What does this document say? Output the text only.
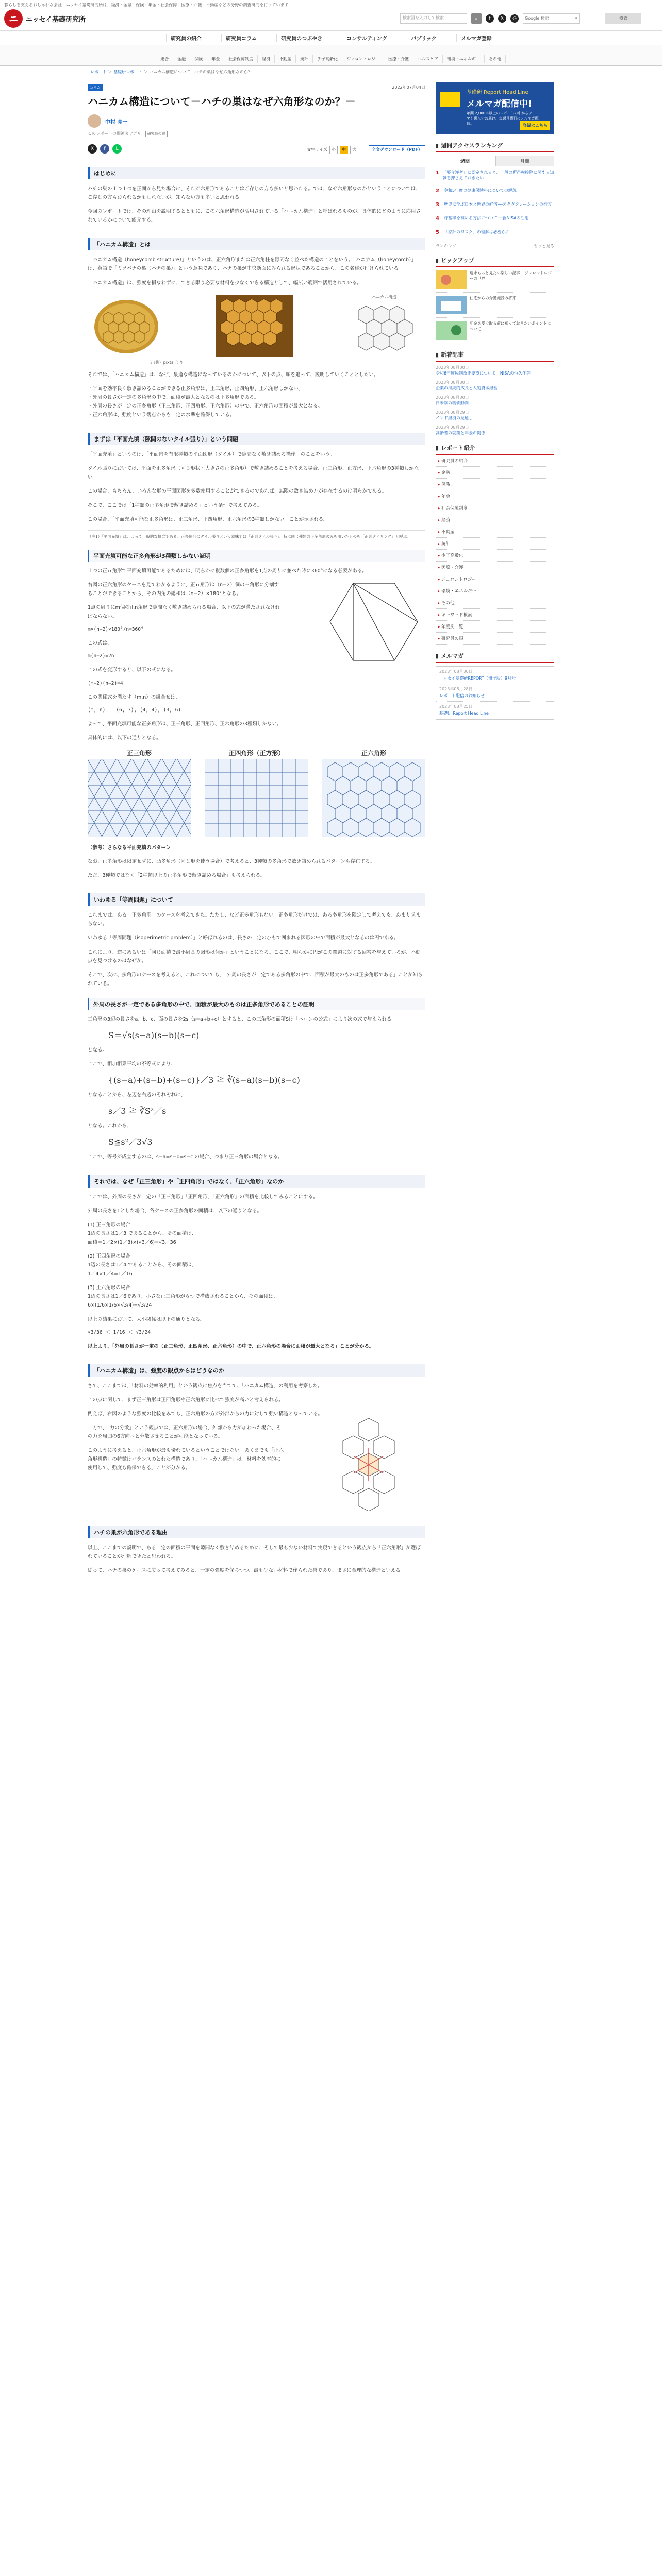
暮らしを支えるおしゃれな会社　ニッセイ基礎研究所は、経済・金融・保険・年金・社会保障・医療・介護・不動産などの分野の調査研究を行っています
ニ	ニッセイ基礎研究所	検索語を入力して検索	⌕	f	X	◎	Google 検索	⌕	検索
研究員の紹介	研究員コラム	研究員のつぶやき	コンサルティング	パブリック	メルマガ登録
総合	金融	保険	年金	社会保障制度	経済	不動産	統計	少子高齢化	ジェロントロジー	医療・介護	ヘルスケア	環境・エネルギー	その他
レポート ＞ 基礎研レポート ＞ ハニカム構造について－ハチの巣はなぜ六角形なのか？－
コラム	2022年07月04日
ハニカム構造について－ハチの巣はなぜ六角形なのか？－
中村 亮一
このレポートの関連カテゴリ	研究員の眼
X	f	L	文字サイズ	小	中	大	全文ダウンロード（PDF）
はじめに

ハチの巣の１つ１つを正面から見た場合に、それが六角形であることはご存じの方も多いと思われる。では、なぜ六角形なのかということについては、ご存じの方もおられるかもしれないが、知らない方も多いと思われる。

今回のレポートでは、その理由を説明するとともに、この六角形構造が活用されている「ハニカム構造」と呼ばれるものが、具体的にどのように応用されているかについて紹介する。

「ハニカム構造」とは

「ハニカム構造（honeycomb structure）」というのは、正六角形または正六角柱を隙間なく並べた構造のことをいう。「ハニカム（honeycomb）」は、英語で「ミツバチの巣（ハチの巣）」という意味であり、ハチの巣が中央断面にみられる形状であることから、この名称が付けられている。

「ハニカム構造」は、強度を損なわずに、できる限り必要な材料を少なくできる構造として、幅広い範囲で活用されている。

ハニカム構造
（出典）pixta より

それでは、「ハニカム構造」は、なぜ、最適な構造になっているのかについて、以下の点、順を追って、説明していくこととしたい。

・平面を効率良く敷き詰めることができる正多角形は、正三角形、正四角形、正六角形しかない。
・外周の長さが一定の多角形の中で、面積が最大となるのは正多角形である。
・外周の長さが一定の正多角形（正三角形、正四角形、正六角形）の中で、正六角形の面積が最大となる。
・正六角形は、強度という観点からも一定の水準を確保している。

まずは「平面充填（隙間のないタイル張り）」という問題

「平面充填」というのは、「平面内を有限種類の平面図形（タイル）で隙間なく敷き詰める操作」のことをいう。

タイル張りにおいては、平面を正多角形（同じ形状・大きさの正多角形）で敷き詰めることを考える場合、正三角形、正方形、正六角形の3種類しかない。

この場合、もちろん、いろんな形の平面図形を多数使用することができるのであれば、無限の敷き詰め方が存在するのは明らかである。

そこで、ここでは「1種類の正多角形で敷き詰める」という条件で考えてみる。

この場合、「平面充填可能な正多角形は、正三角形、正四角形、正六角形の3種類しかない」ことが示される。

（注1）「平面充填」は、よって一般的な概念である。正多角形のタイル張りという意味では「正則タイル張り」、特に同じ種類の正多角形のみを用いたものを「正則タイリング」と呼ぶ。
平面充填可能な正多角形が3種類しかない証明

１つの正ｎ角形で平面充填可能であるためには、明らかに複数個の正多角形を1点の周りに並べた時に360°になる必要がある。

右図の正六角形のケースを見てわかるように、正ｎ角形は（n−2）個の三角形に分割することができることから、その内角の総和は（n−2）×180°となる。

1点の周りにm個の正n角形で隙間なく敷き詰められる場合、以下の式が満たされなければならない。

m×(n−2)×180°/n=360°

この式は、

m(n−2)=2n

この式を変形すると、以下の式になる。

(m−2)(n−2)=4

この関係式を満たす（m,n）の組合せは、

(m, n) ＝ (6, 3), (4, 4), (3, 6)

よって、平面充填可能な正多角形は、正三角形、正四角形、正六角形の3種類しかない。

具体的には、以下の通りとなる。

正三角形	正四角形（正方形）	正六角形

（参考）さらなる平面充填のパターン

なお、正多角形は限定せずに、凸多角形（同じ形を使う場合）で考えると、3種類の多角形で敷き詰められるパターンも存在する。

ただ、3種類ではなく「2種類以上の正多角形で敷き詰める場合」も考えられる。

いわゆる「等周問題」について

これまでは、ある「正多角形」のケースを考えてきた。ただし、など正多角形もない。正多角形だけでは、ある多角形を限定して考えても、あまり求まらない。

いわゆる「等周問題（isoperimetric problem）」と呼ばれるのは、長さの一定のひもで囲まれる図形の中で面積が最大となるのは円である。

これにより、逆にあるいは「同じ面積で最小周長の図形は何か」ということになる。ここで、明らかに円がこの問題に対する回答を与えているが、不動点を見つけるのはなぜか。

そこで、次に、多角形のケースを考えると、これについても、「外周の長さが一定である多角形の中で、面積が最大のものは正多角形である」ことが知られている。

外周の長さが一定である多角形の中で、面積が最大のものは正多角形であることの証明

三角形の3辺の長さをa、b、c、面の長さを2s（s=a+b+c）とすると、この三角形の面積Sは「ヘロンの公式」により次の式で与えられる。

S＝√s(s−a)(s−b)(s−c)

となる。

ここで、相加相乗平均の不等式により、

{(s−a)+(s−b)+(s−c)}／3 ≧ ∛(s−a)(s−b)(s−c)

となることから、左辺を右辺のそれぞれに、

s／3 ≧ ∛S²／s

となる。これから、

S≦s²／3√3

ここで、等号が成立するのは、s−a=s−b=s−c の場合、つまり正三角形の場合となる。

それでは、なぜ「正三角形」や「正四角形」ではなく、「正六角形」なのか

ここでは、外周の長さが一定の「正三角形」「正四角形」「正六角形」の面積を比較してみることにする。

外周の長さを1とした場合、各ケースの正多角形の面積は、以下の通りとなる。

(1) 正三角形の場合
1辺の長さは1／3 であることから、その面積は、
面積＝1／2×(1／3)×(√3／6)=√3／36

(2) 正四角形の場合
1辺の長さは1／4 であることから、その面積は、
1／4×1／4=1／16

(3) 正六角形の場合
1辺の長さは1／6であり、小さな正三角形が６つで構成されることから、その面積は、
6×(1/6×1/6×√3/4)=√3/24

以上の結果において、大小関係は以下の通りとなる。

√3/36 ＜ 1/16 ＜ √3/24

以上より、「外周の長さが一定の（正三角形、正四角形、正六角形）の中で、正六角形の場合に面積が最大となる」ことが分かる。

「ハニカム構造」は、強度の観点からはどうなのか

さて、ここまでは、「材料の効率的利用」という観点に焦点を当てて、「ハニカム構造」の利用を考察した。

この点に関して、まず正三角形は正四角形や正六角形に比べて強度が高いと考えられる。

例えば、右図のような強度の比較をみても、正六角形の方が外部からの力に対して強い構造となっている。

一方で、「力の分散」という観点では、正六角形の場合、外部から力が加わった場合、その力を周囲の6方向へと分散させることが可能となっている。

このように考えると、正六角形が最も優れているということではない。あくまでも「正六角形構造」の特徴はバランスのとれた構造であり、「ハニカム構造」は「材料を効率的に使用して、強度も確保できる」ことが分かる。

ハチの巣が六角形である理由

以上、ここまでの説明で、ある一定の面積の平面を隙間なく敷き詰めるために、そして最も少ない材料で実現できるという観点から「正六角形」が選ばれていることが理解できたと思われる。

従って、ハチの巣のケースに戻って考えてみると、一定の強度を保ちつつ、最も少ない材料で作られた巣であり、まさに合理的な構造といえる。

基礎研 Report Head Line
メルマガ配信中!
年間 2,000本以上のレポートの中からテーマを選んでお届け。毎週月曜日にメルマガ配信。	登録はこちら
▮ 週間アクセスランキング
週間	月間
1 「要介護者」に認定されると、一般の所得税控除に関する知識を押さえておきたい
2	令和5年度の健康保険料についての解説
3	歴史に学ぶ日本と世界の経済──スタグフレーションの行方
4	貯蓄率を高める方法について──新NISAの活用
5	「家計のリスク」の理解は必要か？
ランキング	もっと見る
▮ ピックアップ
週末もっと見たい楽しい記事──ジェロントロジーの世界
住宅からの介護施設の将来
年金を受け取る前に知っておきたいポイントについて
▮ 新着記事
2023年08月30日
令和6年度税制改正要望について「NISAの恒久化等」
2023年08月30日
企業の持続的成長と人的資本経営
2023年08月30日
日米欧の物価動向
2023年08月29日
インド経済の見通し
2023年08月29日
高齢者の就業と年金の関係
▮ レポート紹介
▸ 研究員の紹介
▸ 金融
▸ 保険
▸ 年金
▸ 社会保障制度
▸ 経済
▸ 不動産
▸ 統計
▸ 少子高齢化
▸ 医療・介護
▸ ジェロントロジー
▸ 環境・エネルギー
▸ その他
▸ キーワード検索
▸ 年度別一覧
▸ 研究員の眼
▮ メルマガ
2023年08月30日
ニッセイ基礎研REPORT（冊子版）9月号
2023年08月28日
レポート配信のお知らせ
2023年08月25日
基礎研 Report Head Line
